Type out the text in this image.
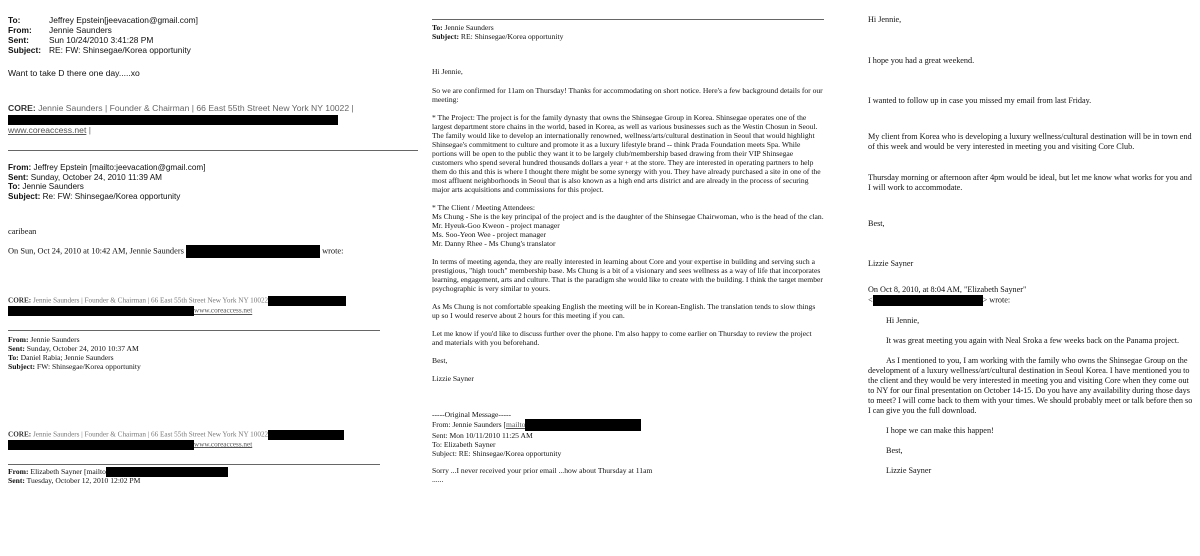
To:	Jeffrey Epstein[jeevacation@gmail.com]
From:	Jennie Saunders
Sent:	Sun 10/24/2010 3:41:28 PM
Subject:	RE: FW: Shinsegae/Korea opportunity
Want to take D there one day.....xo
CORE: Jennie Saunders | Founder & Chairman | 66 East 55th Street New York NY 10022 |

www.coreaccess.net |
From: Jeffrey Epstein [mailto:jeevacation@gmail.com]
Sent: Sunday, October 24, 2010 11:39 AM
To: Jennie Saunders
Subject: Re: FW: Shinsegae/Korea opportunity
caribean
On Sun, Oct 24, 2010 at 10:42 AM, Jennie Saunders	wrote:
CORE: Jennie Saunders | Founder & Chairman | 66 East 55th Street New York NY 10022
www.coreaccess.net
From: Jennie Saunders
Sent: Sunday, October 24, 2010 10:37 AM
To: Daniel Rabia; Jennie Saunders
Subject: FW: Shinsegae/Korea opportunity
CORE: Jennie Saunders | Founder & Chairman | 66 East 55th Street New York NY 10022
www.coreaccess.net
From: Elizabeth Sayner [mailto
Sent: Tuesday, October 12, 2010 12:02 PM
To: Jennie Saunders
Subject: RE: Shinsegae/Korea opportunity

Hi Jennie,

So we are confirmed for 11am on Thursday! Thanks for accommodating on short notice. Here's a few background details for our meeting:

* The Project: The project is for the family dynasty that owns the Shinsegae Group in Korea. Shinsegae operates one of the largest department store chains in the world, based in Korea, as well as various businesses such as the Westin Chosun in Seoul. The family would like to develop an internationally renowned, wellness/arts/cultural destination in Seoul that would highlight Shinsegae's commitment to culture and promote it as a luxury lifestyle brand -- think Prada Foundation meets Spa. While portions will be open to the public they want it to be largely club/membership based drawing from their VIP Shinsegae customers who spend several hundred thousands dollars a year + at the store. They are interested in operating partners to help them do this and this is where I thought there might be some synergy with you. They have already purchased a site in one of the most affluent neighborhoods in Seoul that is also known as a high end arts district and are already in the process of securing major arts acquisitions and commissions for this project.

* The Client / Meeting Attendees:

Ms Chung - She is the key principal of the project and is the daughter of the Shinsegae Chairwoman, who is the head of the clan.

Mr. Hyeuk-Goo Kweon - project manager

Ms. Soo-Yeon Wee - project manager

Mr. Danny Rhee - Ms Chung's translator

In terms of meeting agenda, they are really interested in learning about Core and your expertise in building and serving such a prestigious, "high touch" membership base. Ms Chung is a bit of a visionary and sees wellness as a way of life that incorporates learning, engagement, arts and culture. That is the paradigm she would like to create with the building. I think the target member psychographic is very similar to yours.

As Ms Chung is not comfortable speaking English the meeting will be in Korean-English. The translation tends to slow things up so I would reserve about 2 hours for this meeting if you can.

Let me know if you'd like to discuss further over the phone. I'm also happy to come earlier on Thursday to review the project and materials with you beforehand.

Best,

Lizzie Sayner

-----Original Message-----

From: Jennie Saunders [mailto

Sent: Mon 10/11/2010 11:25 AM

To: Elizabeth Sayner

Subject: RE: Shinsegae/Korea opportunity

Sorry ...I never received your prior email ...how about Thursday at 11am

......

Hi Jennie,

I hope you had a great weekend.

I wanted to follow up in case you missed my email from last Friday.

My client from Korea who is developing a luxury wellness/cultural destination will be in town end of this week and would be very interested in meeting you and visiting Core Club.

Thursday morning or afternoon after 4pm would be ideal, but let me know what works for you and I will work to accommodate.

Best,

Lizzie Sayner

On Oct 8, 2010, at 8:04 AM, "Elizabeth Sayner"

<	> wrote:

Hi Jennie,

It was great meeting you again with Neal Sroka a few weeks back on the Panama project.

As I mentioned to you, I am working with the family who owns the Shinsegae Group on the development of a luxury wellness/art/cultural destination in Seoul Korea. I have mentioned you to the client and they would be very interested in meeting you and visiting Core when they come out to NY for our final presentation on October 14-15. Do you have any availability during those days to meet? I will come back to them with your times. We should probably meet or talk before then so I can give you the full download.

I hope we can make this happen!

Best,

Lizzie Sayner
